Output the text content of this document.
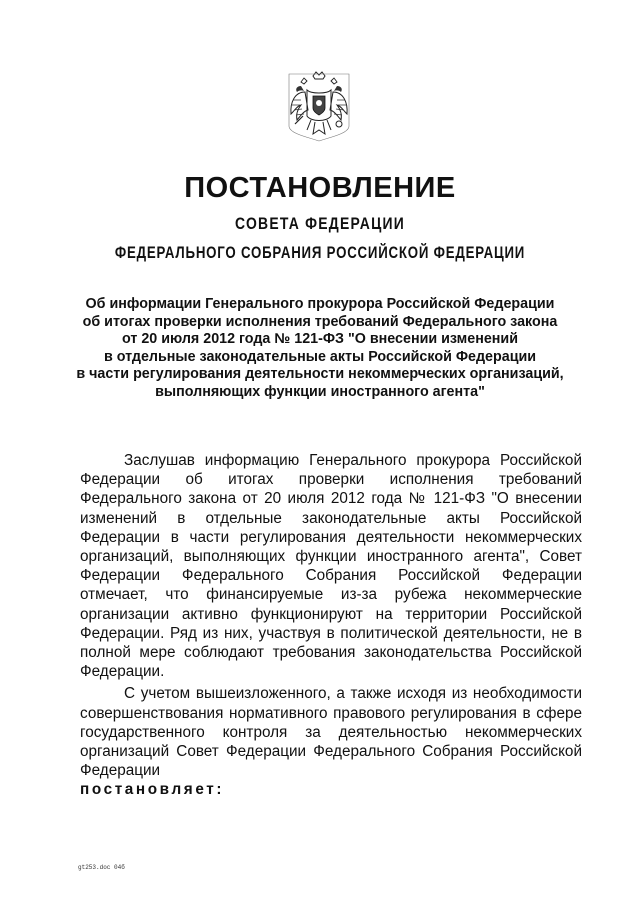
ПОСТАНОВЛЕНИЕ
СОВЕТА ФЕДЕРАЦИИ
ФЕДЕРАЛЬНОГО СОБРАНИЯ РОССИЙСКОЙ ФЕДЕРАЦИИ
Об информации Генерального прокурора Российской Федерации
об итогах проверки исполнения требований Федерального закона
от 20 июля 2012 года № 121-ФЗ "О внесении изменений
в отдельные законодательные акты Российской Федерации
в части регулирования деятельности некоммерческих организаций,
выполняющих функции иностранного агента"

Заслушав информацию Генерального прокурора Российской Федерации об итогах проверки исполнения требований Федерального закона от 20 июля 2012 года № 121-ФЗ "О внесении изменений в отдельные законодательные акты Российской Федерации в части регулирования деятельности некоммерческих организаций, выполняющих функции иностранного агента", Совет Федерации Федерального Собрания Российской Федерации отмечает, что финансируемые из-за рубежа некоммерческие организации активно функционируют на территории Российской Федерации. Ряд из них, участвуя в политической деятельности, не в полной мере соблюдают требования законодательства Российской Федерации.

С учетом вышеизложенного, а также исходя из необходимости совершенствования нормативного правового регулирования в сфере государственного контроля за деятельностью некоммерческих организаций Совет Федерации Федерального Собрания Российской Федерации

постановляет:
gt253.doc 04б
